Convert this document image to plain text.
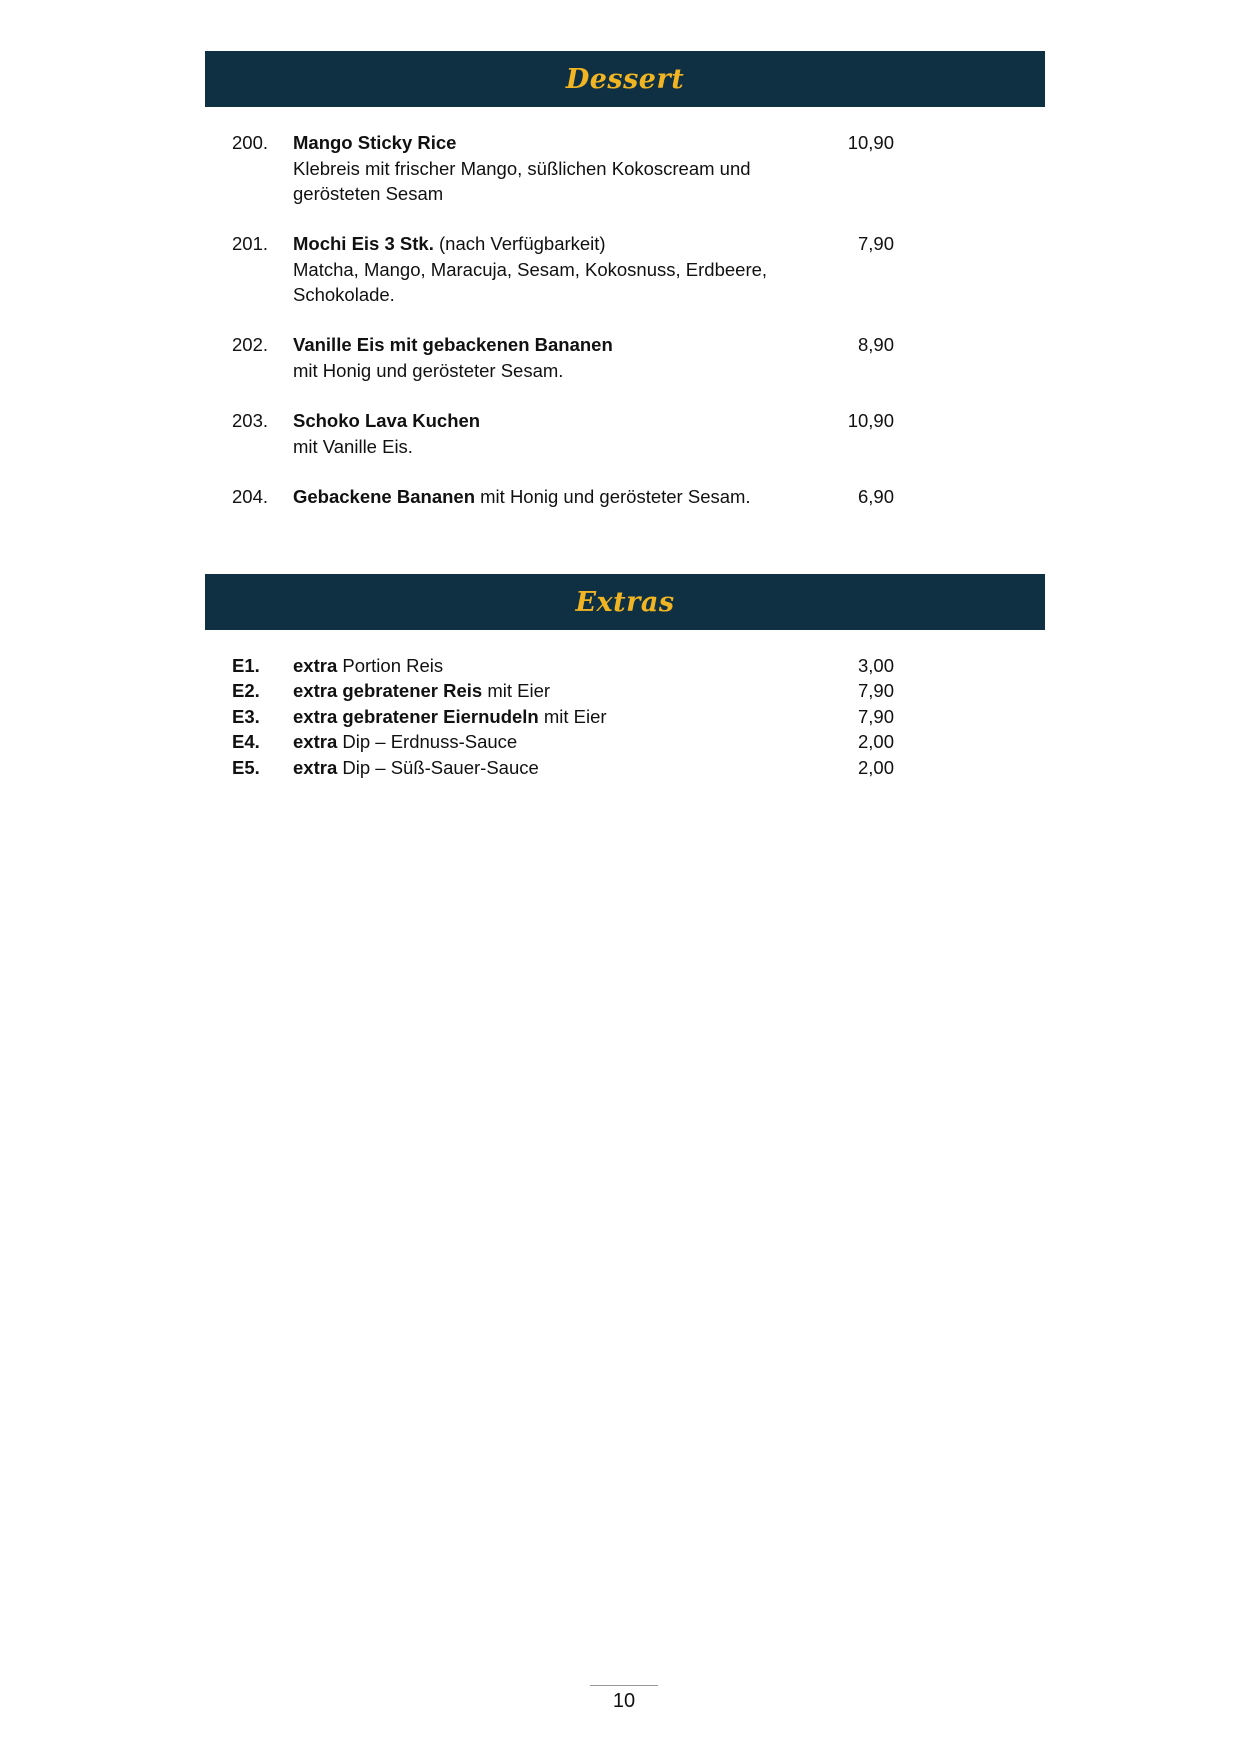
Dessert
200. Mango Sticky Rice
Klebreis mit frischer Mango, süßlichen Kokoscream und gerösteten Sesam
10,90
201. Mochi Eis 3 Stk. (nach Verfügbarkeit)
Matcha, Mango, Maracuja, Sesam, Kokosnuss, Erdbeere, Schokolade.
7,90
202. Vanille Eis mit gebackenen Bananen
mit Honig und gerösteter Sesam.
8,90
203. Schoko Lava Kuchen
mit Vanille Eis.
10,90
204. Gebackene Bananen mit Honig und gerösteter Sesam.	6,90
Extras
E1. extra Portion Reis	3,00
E2. extra gebratener Reis mit Eier	7,90
E3. extra gebratener Eiernudeln mit Eier	7,90
E4. extra Dip – Erdnuss-Sauce	2,00
E5. extra Dip – Süß-Sauer-Sauce	2,00
10
